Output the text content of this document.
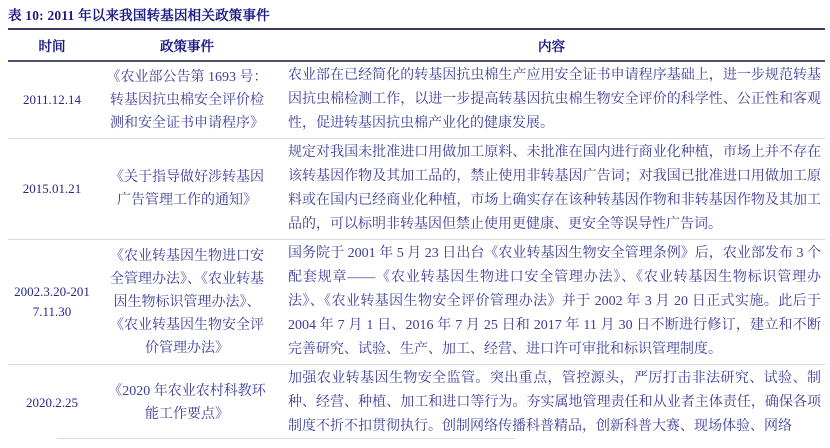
表 10: 2011 年以来我国转基因相关政策事件
时间	政策事件	内容
2011.12.14	《农业部公告第 1693 号：转基因抗虫棉安全评价检测和安全证书申请程序》	农业部在已经简化的转基因抗虫棉生产应用安全证书申请程序基础上，进一步规范转基因抗虫棉检测工作，以进一步提高转基因抗虫棉生物安全评价的科学性、公正性和客观性，促进转基因抗虫棉产业化的健康发展。
2015.01.21	《关于指导做好涉转基因广告管理工作的通知》	规定对我国未批准进口用做加工原料、未批准在国内进行商业化种植，市场上并不存在该转基因作物及其加工品的，禁止使用非转基因广告词；对我国已批准进口用做加工原料或在国内已经商业化种植，市场上确实存在该种转基因作物和非转基因作物及其加工品的，可以标明非转基因但禁止使用更健康、更安全等误导性广告词。
2002.3.20-2017.11.30	《农业转基因生物进口安全管理办法》、《农业转基因生物标识管理办法》、《农业转基因生物安全评价管理办法》	国务院于 2001 年 5 月 23 日出台《农业转基因生物安全管理条例》后，农业部发布 3 个配套规章——《农业转基因生物进口安全管理办法》、《农业转基因生物标识管理办法》、《农业转基因生物安全评价管理办法》并于 2002 年 3 月 20 日正式实施。此后于 2004 年 7 月 1 日、2016 年 7 月 25 日和 2017 年 11 月 30 日不断进行修订，建立和不断完善研究、试验、生产、加工、经营、进口许可审批和标识管理制度。
2020.2.25	《2020 年农业农村科教环能工作要点》	加强农业转基因生物安全监管。突出重点，管控源头，严厉打击非法研究、试验、制种、经营、种植、加工和进口等行为。夯实属地管理责任和从业者主体责任，确保各项制度不折不扣贯彻执行。创制网络传播科普精品，创新科普大赛、现场体验、网络
